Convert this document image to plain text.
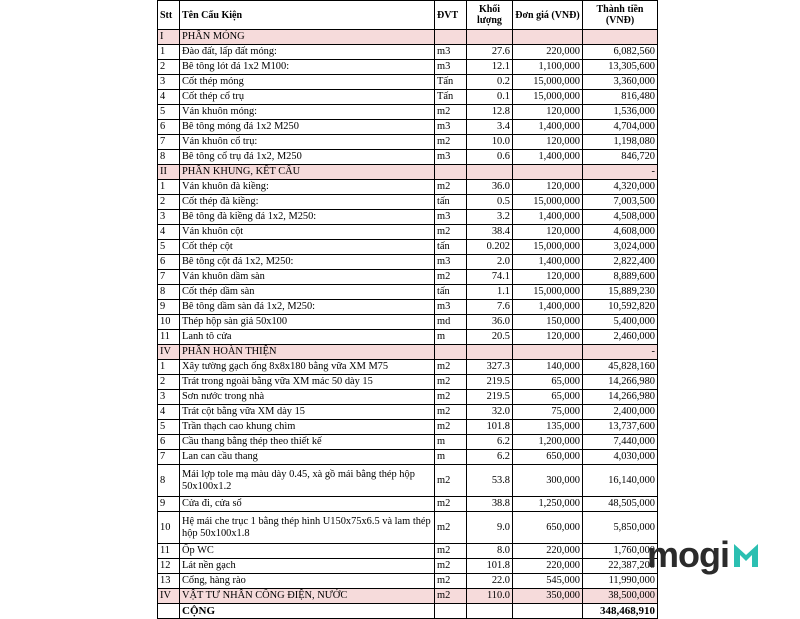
Stt	Tên Cấu Kiện	ĐVT	Khối lượng	Đơn giá (VNĐ)	Thành tiền (VNĐ)
I	PHẦN MÓNG				
1	Đào đất, lấp đất móng:	m3	27.6	220,000	6,082,560
2	Bê tông lót đá 1x2 M100:	m3	12.1	1,100,000	13,305,600
3	Cốt thép móng	Tấn	0.2	15,000,000	3,360,000
4	Cốt thép cổ trụ	Tấn	0.1	15,000,000	816,480
5	Ván khuôn móng:	m2	12.8	120,000	1,536,000
6	Bê tông móng đá 1x2 M250	m3	3.4	1,400,000	4,704,000
7	Ván khuôn cổ trụ:	m2	10.0	120,000	1,198,080
8	Bê tông cổ trụ đá 1x2, M250	m3	0.6	1,400,000	846,720
II	PHẦN KHUNG, KẾT CẤU				-
1	Ván khuôn đà kiềng:	m2	36.0	120,000	4,320,000
2	Cốt thép đà kiềng:	tấn	0.5	15,000,000	7,003,500
3	Bê tông đà kiềng đá 1x2, M250:	m3	3.2	1,400,000	4,508,000
4	Ván khuôn cột	m2	38.4	120,000	4,608,000
5	Cốt thép cột	tấn	0.202	15,000,000	3,024,000
6	Bê tông cột đá 1x2, M250:	m3	2.0	1,400,000	2,822,400
7	Ván khuôn dầm sàn	m2	74.1	120,000	8,889,600
8	Cốt thép dầm sàn	tấn	1.1	15,000,000	15,889,230
9	Bê tông dầm sàn đá 1x2, M250:	m3	7.6	1,400,000	10,592,820
10	Thép hộp sàn giả 50x100	md	36.0	150,000	5,400,000
11	Lanh tô cửa	m	20.5	120,000	2,460,000
IV	PHẦN HOÀN THIỆN				-
1	Xây tường gạch ống 8x8x180 bằng vữa XM M75	m2	327.3	140,000	45,828,160
2	Trát trong ngoài bằng vữa XM mác 50 dày 15	m2	219.5	65,000	14,266,980
3	Sơn nước trong nhà	m2	219.5	65,000	14,266,980
4	Trát cột bằng vữa XM dày 15	m2	32.0	75,000	2,400,000
5	Trần thạch cao khung chìm	m2	101.8	135,000	13,737,600
6	Cầu thang bằng thép theo thiết kế	m	6.2	1,200,000	7,440,000
7	Lan can cầu thang	m	6.2	650,000	4,030,000
8	Mái lợp tole mạ màu dày 0.45, xà gồ mái bằng thép hộp 50x100x1.2	m2	53.8	300,000	16,140,000
9	Cửa đi, cửa sổ	m2	38.8	1,250,000	48,505,000
10	Hệ mái che trục 1 bằng thép hình U150x75x6.5 và lam thép hộp 50x100x1.8	m2	9.0	650,000	5,850,000
11	Ốp WC	m2	8.0	220,000	1,760,000
12	Lát nền gạch	m2	101.8	220,000	22,387,200
13	Cổng, hàng rào	m2	22.0	545,000	11,990,000
IV	VẬT TƯ NHÂN CÔNG ĐIỆN, NƯỚC	m2	110.0	350,000	38,500,000
	CỘNG				348,468,910
mogi
